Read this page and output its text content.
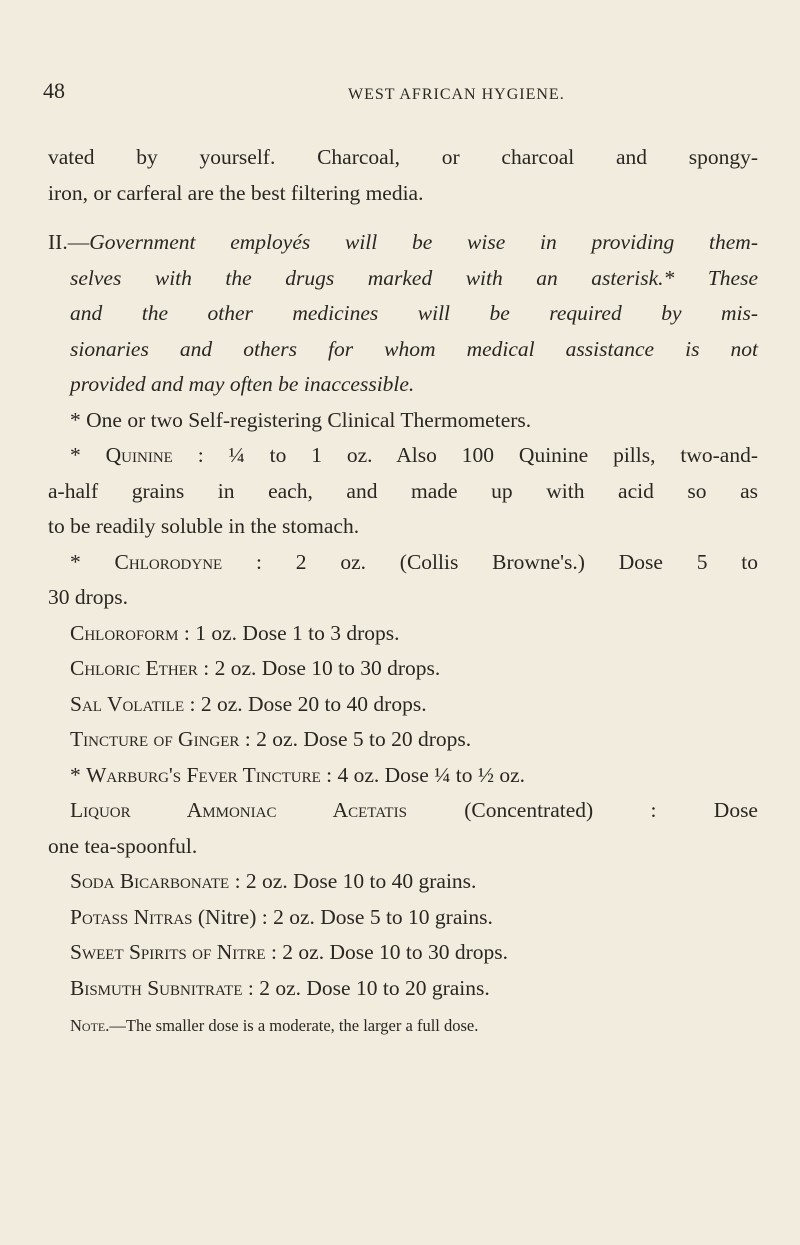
48	WEST AFRICAN HYGIENE.
vated by yourself. Charcoal, or charcoal and spongy-
iron, or carferal are the best filtering media.
II.—Government employés will be wise in providing them-
selves with the drugs marked with an asterisk.* These
and the other medicines will be required by mis-
sionaries and others for whom medical assistance is not
provided and may often be inaccessible.
* One or two Self-registering Clinical Thermometers.
* Quinine : ¼ to 1 oz. Also 100 Quinine pills, two-and-
a-half grains in each, and made up with acid so as
to be readily soluble in the stomach.
* Chlorodyne : 2 oz. (Collis Browne's.) Dose 5 to
30 drops.
Chloroform : 1 oz. Dose 1 to 3 drops.
Chloric Ether : 2 oz. Dose 10 to 30 drops.
Sal Volatile : 2 oz. Dose 20 to 40 drops.
Tincture of Ginger : 2 oz. Dose 5 to 20 drops.
* Warburg's Fever Tincture : 4 oz. Dose ¼ to ½ oz.
Liquor Ammoniac Acetatis (Concentrated) : Dose
one tea-spoonful.
Soda Bicarbonate : 2 oz. Dose 10 to 40 grains.
Potass Nitras (Nitre) : 2 oz. Dose 5 to 10 grains.
Sweet Spirits of Nitre : 2 oz. Dose 10 to 30 drops.
Bismuth Subnitrate : 2 oz. Dose 10 to 20 grains.
Note.—The smaller dose is a moderate, the larger a full dose.
